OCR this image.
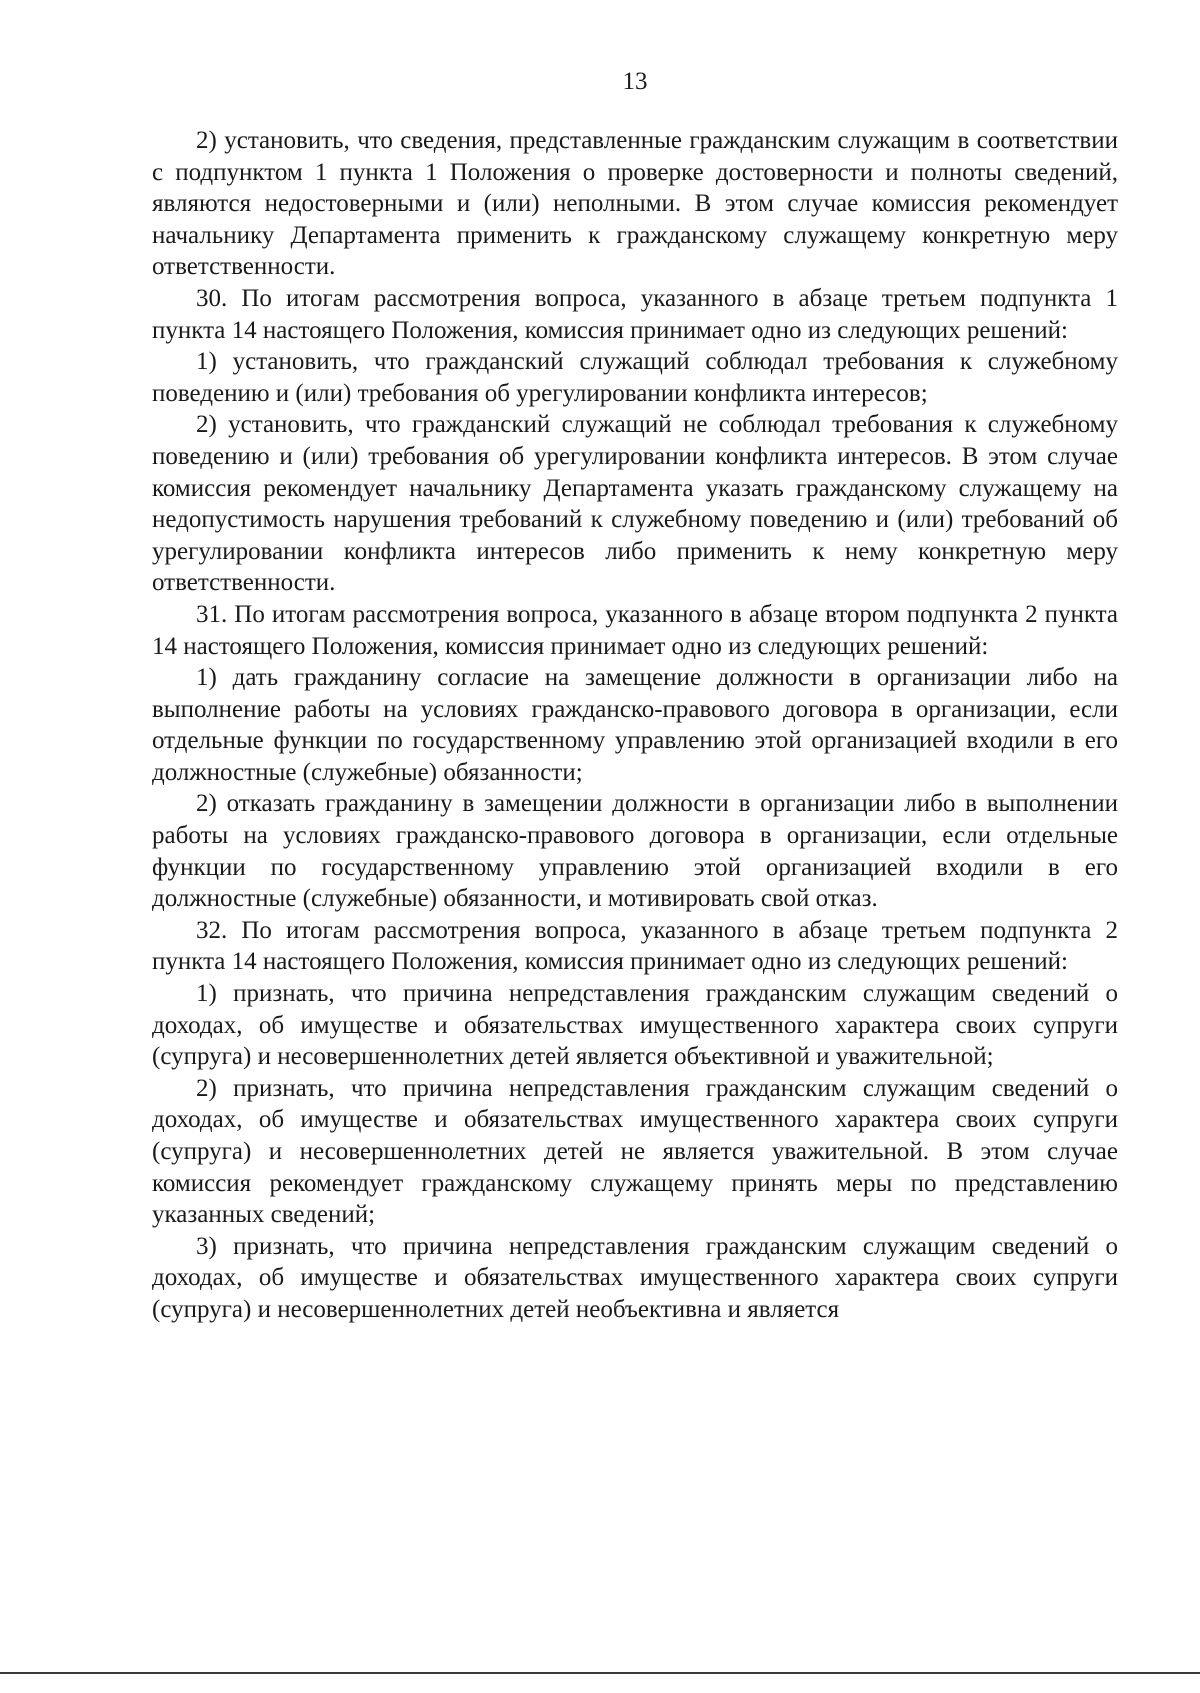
13

2) установить, что сведения, представленные гражданским служащим в соответствии с подпунктом 1 пункта 1 Положения о проверке достоверности и полноты сведений, являются недостоверными и (или) неполными. В этом случае комиссия рекомендует начальнику Департамента применить к гражданскому служащему конкретную меру ответственности.

30. По итогам рассмотрения вопроса, указанного в абзаце третьем подпункта 1 пункта 14 настоящего Положения, комиссия принимает одно из следующих решений:

1) установить, что гражданский служащий соблюдал требования к служебному поведению и (или) требования об урегулировании конфликта интересов;

2) установить, что гражданский служащий не соблюдал требования к служебному поведению и (или) требования об урегулировании конфликта интересов. В этом случае комиссия рекомендует начальнику Департамента указать гражданскому служащему на недопустимость нарушения требований к служебному поведению и (или) требований об урегулировании конфликта интересов либо применить к нему конкретную меру ответственности.

31. По итогам рассмотрения вопроса, указанного в абзаце втором подпункта 2 пункта 14 настоящего Положения, комиссия принимает одно из следующих решений:

1) дать гражданину согласие на замещение должности в организации либо на выполнение работы на условиях гражданско-правового договора в организации, если отдельные функции по государственному управлению этой организацией входили в его должностные (служебные) обязанности;

2) отказать гражданину в замещении должности в организации либо в выполнении работы на условиях гражданско-правового договора в организации, если отдельные функции по государственному управлению этой организацией входили в его должностные (служебные) обязанности, и мотивировать свой отказ.

32. По итогам рассмотрения вопроса, указанного в абзаце третьем подпункта 2 пункта 14 настоящего Положения, комиссия принимает одно из следующих решений:

1) признать, что причина непредставления гражданским служащим сведений о доходах, об имуществе и обязательствах имущественного характера своих супруги (супруга) и несовершеннолетних детей является объективной и уважительной;

2) признать, что причина непредставления гражданским служащим сведений о доходах, об имуществе и обязательствах имущественного характера своих супруги (супруга) и несовершеннолетних детей не является уважительной. В этом случае комиссия рекомендует гражданскому служащему принять меры по представлению указанных сведений;

3) признать, что причина непредставления гражданским служащим сведений о доходах, об имуществе и обязательствах имущественного характера своих супруги (супруга) и несовершеннолетних детей необъективна и является
